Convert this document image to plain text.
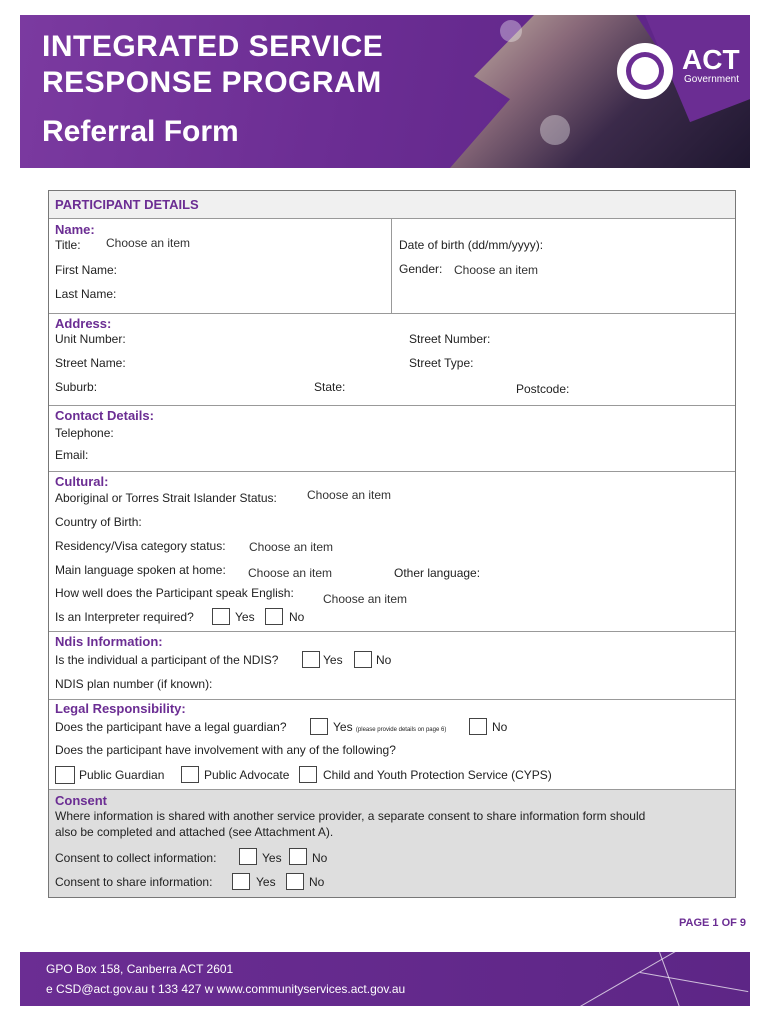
INTEGRATED SERVICE
RESPONSE PROGRAM
Referral Form
ACT
Government
PARTICIPANT DETAILS
Name:
Title: Choose an item	Date of birth (dd/mm/yyyy):
First Name:	Gender: Choose an item
Last Name:
Address:
Unit Number:	Street Number:
Street Name:	Street Type:
Suburb:	State:	Postcode:
Contact Details:
Telephone:
Email:
Cultural:
Aboriginal or Torres Strait Islander Status:	Choose an item
Country of Birth:
Residency/Visa category status: Choose an item
Main language spoken at home: Choose an item	Other language:
How well does the Participant speak English: Choose an item
Is an Interpreter required?	Yes	No
Ndis Information:
Is the individual a participant of the NDIS?	Yes	No
NDIS plan number (if known):
Legal Responsibility:
Does the participant have a legal guardian?	Yes (please provide details on page 6)	No
Does the participant have involvement with any of the following?
Public Guardian	Public Advocate	Child and Youth Protection Service (CYPS)
Consent
Where information is shared with another service provider, a separate consent to share information form should
also be completed and attached (see Attachment A).
Consent to collect information:	Yes	No
Consent to share information:	Yes	No
PAGE 1 OF 9
GPO Box 158, Canberra ACT 2601
e CSD@act.gov.au t 133 427 w www.communityservices.act.gov.au
